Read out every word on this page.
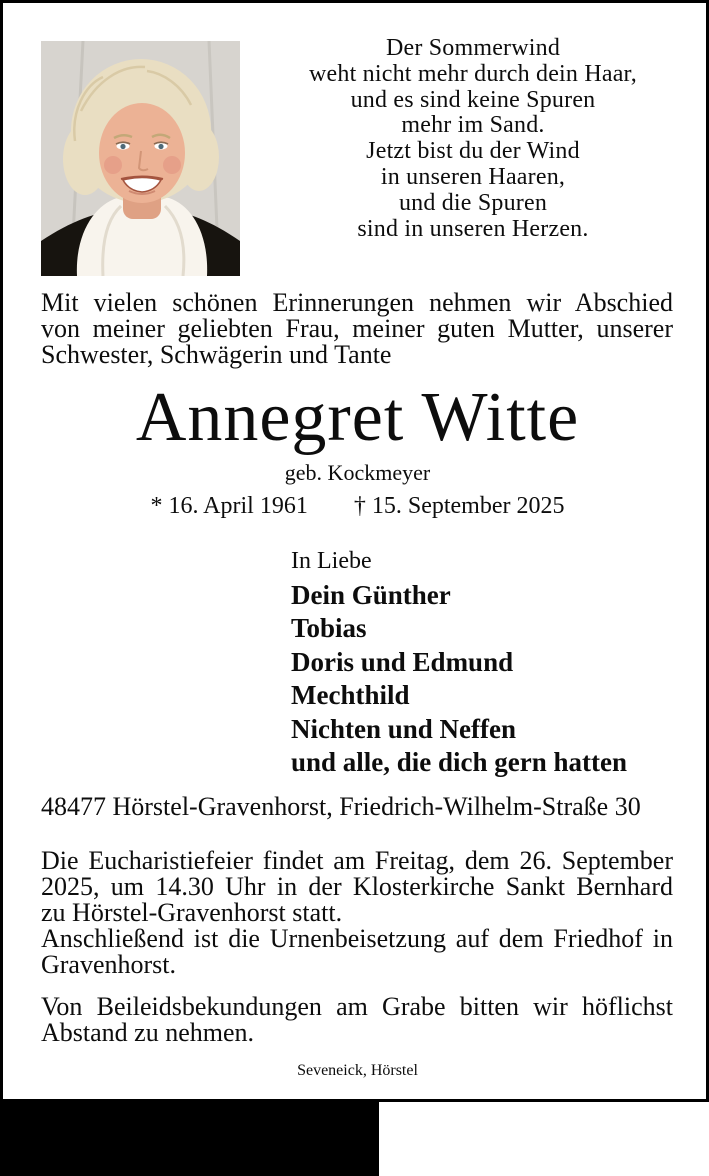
Der Sommerwind
weht nicht mehr durch dein Haar,
und es sind keine Spuren
mehr im Sand.
Jetzt bist du der Wind
in unseren Haaren,
und die Spuren
sind in unseren Herzen.
Mit vielen schönen Erinnerungen nehmen wir Abschied
von meiner geliebten Frau, meiner guten Mutter, unserer
Schwester, Schwägerin und Tante
Annegret Witte
geb. Kockmeyer
* 16. April 1961 † 15. September 2025
In Liebe
Dein Günther
Tobias
Doris und Edmund
Mechthild
Nichten und Neffen
und alle, die dich gern hatten
48477 Hörstel-Gravenhorst, Friedrich-Wilhelm-Straße 30
Die Eucharistiefeier findet am Freitag, dem 26. September
2025, um 14.30 Uhr in der Klosterkirche Sankt Bernhard
zu Hörstel-Gravenhorst statt.
Anschließend ist die Urnenbeisetzung auf dem Friedhof in
Gravenhorst.
Von Beileidsbekundungen am Grabe bitten wir höflichst
Abstand zu nehmen.
Seveneick, Hörstel
